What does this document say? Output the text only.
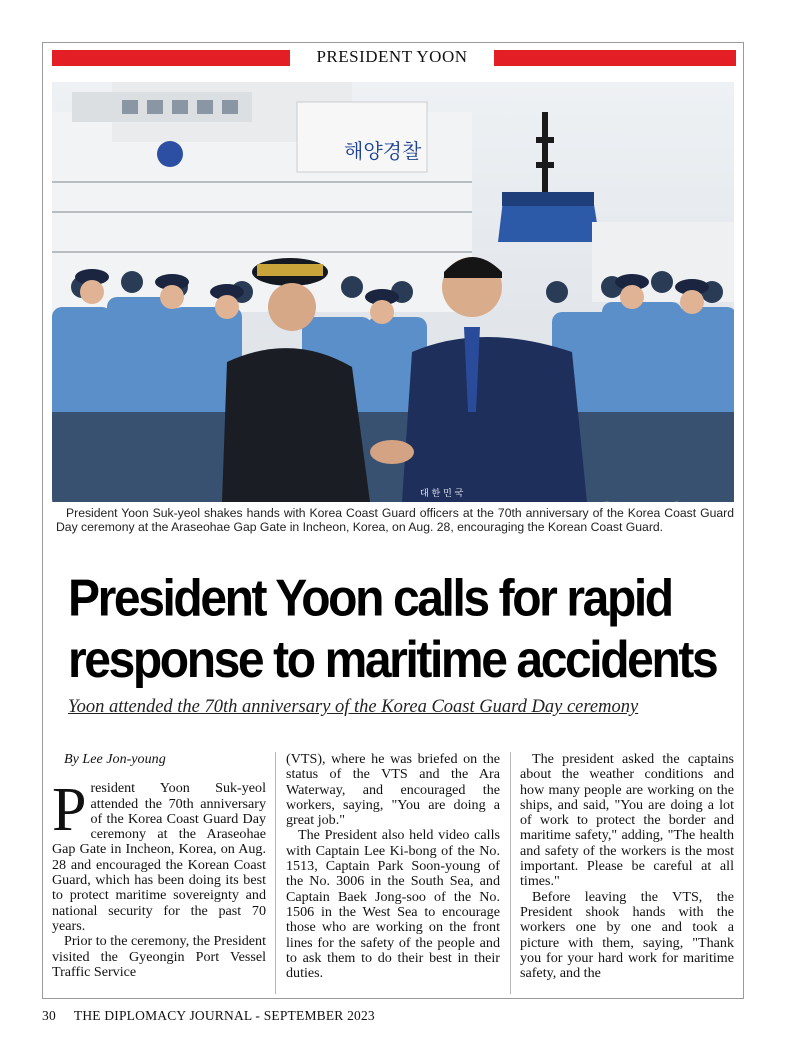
PRESIDENT YOON
해양경찰
대 한 민 국
President Yoon Suk-yeol shakes hands with Korea Coast Guard officers at the 70th anniversary of the Korea Coast Guard Day ceremony at the Araseohae Gap Gate in Incheon, Korea, on Aug. 28, encouraging the Korean Coast Guard.
President Yoon calls for rapid
response to maritime accidents
Yoon attended the 70th anniversary of the Korea Coast Guard Day ceremony
By Lee Jon-young

President Yoon Suk-yeol attended the 70th anniversary of the Korea Coast Guard Day ceremony at the Araseohae Gap Gate in Incheon, Korea, on Aug. 28 and encouraged the Korean Coast Guard, which has been doing its best to protect maritime sovereignty and national security for the past 70 years.

Prior to the ceremony, the President visited the Gyeongin Port Vessel Traffic Service

(VTS), where he was briefed on the status of the VTS and the Ara Waterway, and encouraged the workers, saying, "You are doing a great job."

The President also held video calls with Captain Lee Ki-bong of the No. 1513, Captain Park Soon-young of the No. 3006 in the South Sea, and Captain Baek Jong-soo of the No. 1506 in the West Sea to encourage those who are working on the front lines for the safety of the people and to ask them to do their best in their duties.

The president asked the captains about the weather conditions and how many people are working on the ships, and said, "You are doing a lot of work to protect the border and maritime safety," adding, "The health and safety of the workers is the most important. Please be careful at all times."

Before leaving the VTS, the President shook hands with the workers one by one and took a picture with them, saying, "Thank you for your hard work for maritime safety, and the

30 THE DIPLOMACY JOURNAL - SEPTEMBER 2023
